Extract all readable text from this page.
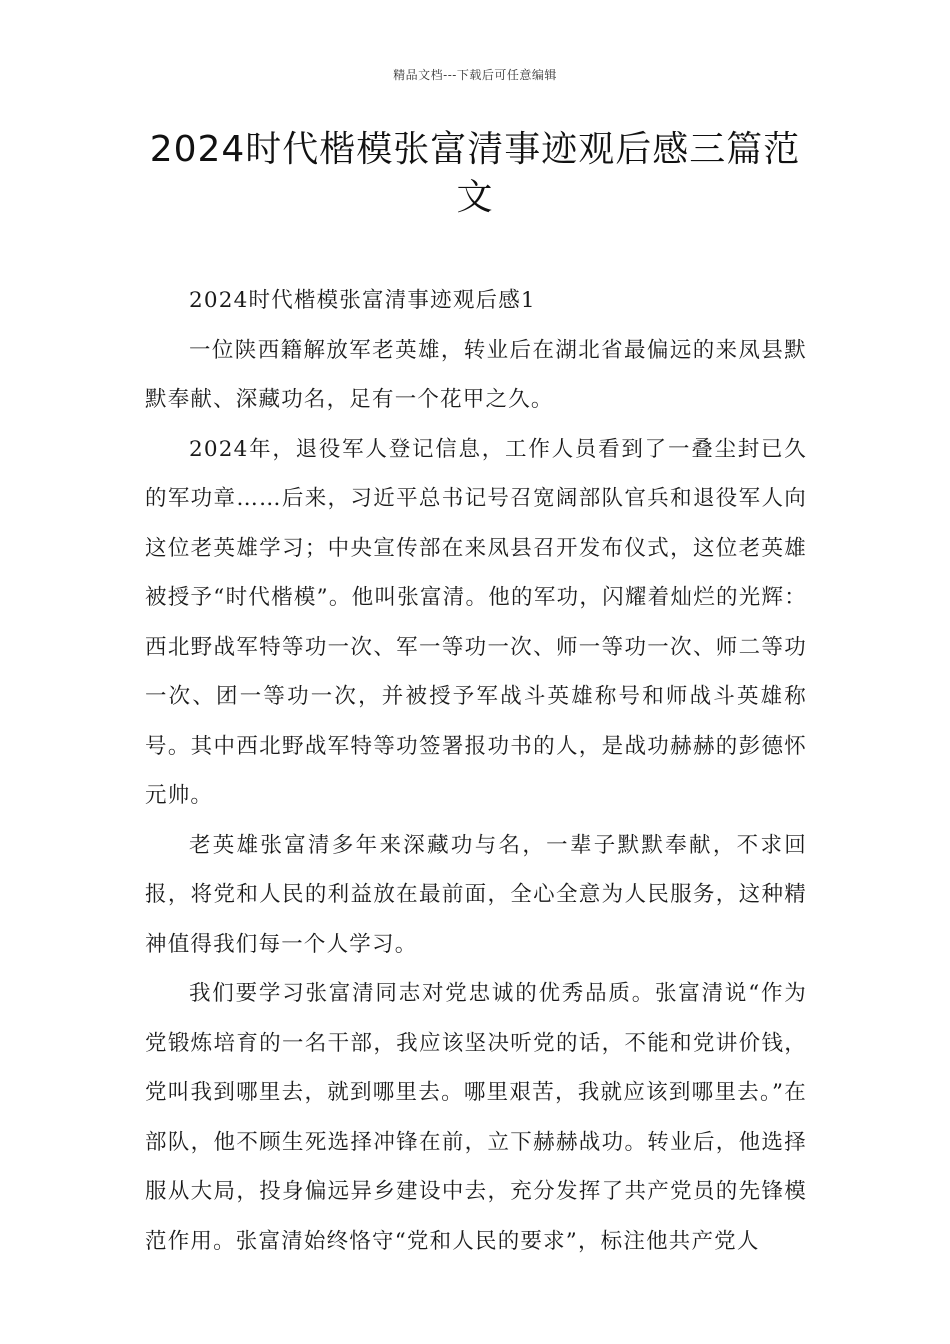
精品文档---下载后可任意编辑
2024时代楷模张富清事迹观后感三篇范文

2024时代楷模张富清事迹观后感1

一位陕西籍解放军老英雄，转业后在湖北省最偏远的来凤县默默奉献、深藏功名，足有一个花甲之久。

2024年，退役军人登记信息，工作人员看到了一叠尘封已久的军功章……后来，习近平总书记号召宽阔部队官兵和退役军人向这位老英雄学习；中央宣传部在来凤县召开发布仪式，这位老英雄被授予“时代楷模”。他叫张富清。他的军功，闪耀着灿烂的光辉：西北野战军特等功一次、军一等功一次、师一等功一次、师二等功一次、团一等功一次，并被授予军战斗英雄称号和师战斗英雄称号。其中西北野战军特等功签署报功书的人，是战功赫赫的彭德怀元帅。

老英雄张富清多年来深藏功与名，一辈子默默奉献，不求回报，将党和人民的利益放在最前面，全心全意为人民服务，这种精神值得我们每一个人学习。

我们要学习张富清同志对党忠诚的优秀品质。张富清说“作为党锻炼培育的一名干部，我应该坚决听党的话，不能和党讲价钱，党叫我到哪里去，就到哪里去。哪里艰苦，我就应该到哪里去。”在部队，他不顾生死选择冲锋在前，立下赫赫战功。转业后，他选择服从大局，投身偏远异乡建设中去，充分发挥了共产党员的先锋模范作用。张富清始终恪守“党和人民的要求”，标注他共产党人
